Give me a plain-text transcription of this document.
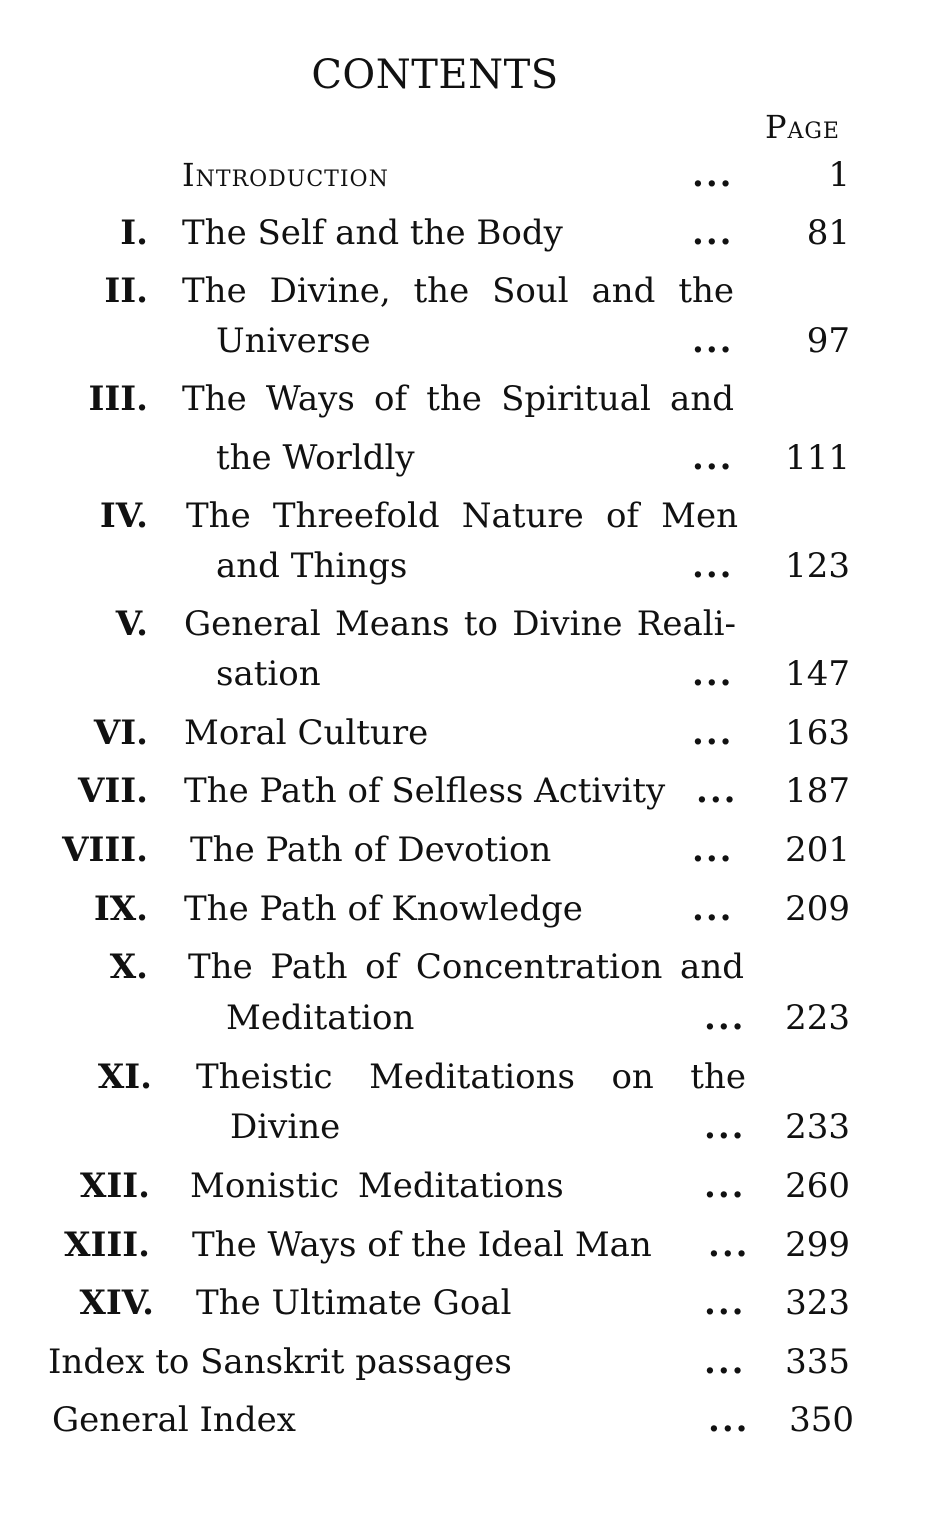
CONTENTS
Page
Introduction	...	1
I. The Self and the Body	... 81
II. The Divine, the Soul and the
Universe	... 97
III. The Ways of the Spiritual and
the Worldly	... 111
IV. The Threefold Nature of Men
and Things	... 123
V. General Means to Divine Reali-
sation	... 147
VI. Moral Culture	... 163
VII. The Path of Selfless Activity ... 187
VIII. The Path of Devotion	... 201
IX. The Path of Knowledge	... 209
X. The Path of Concentration and
Meditation	... 223
XI. Theistic Meditations on the
Divine	... 233
XII. Monistic Meditations	... 260
XIII. The Ways of the Ideal Man ... 299
XIV. The Ultimate Goal	... 323
Index to Sanskrit passages	... 335
General Index	... 350
